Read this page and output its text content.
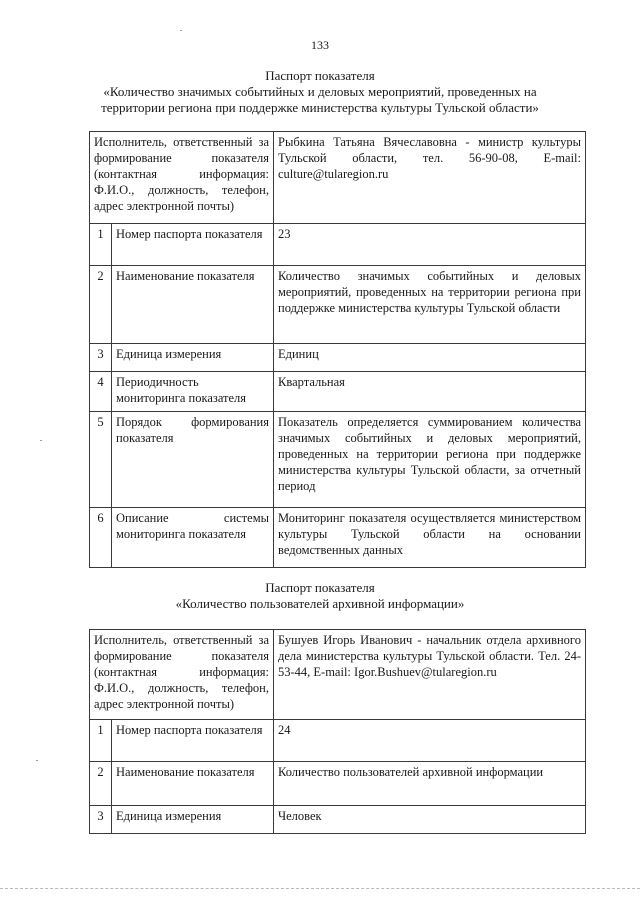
133
Паспорт показателя
«Количество значимых событийных и деловых мероприятий, проведенных на
территории региона при поддержке министерства культуры Тульской области»
Исполнитель, ответственный за формирование показателя (контактная информация: Ф.И.О., должность, телефон, адрес электронной почты)		Рыбкина Татьяна Вячеславовна - министр культуры Тульской области, тел. 56-90-08, E-mail: culture@tularegion.ru
1	Номер паспорта показателя	23
2	Наименование показателя	Количество значимых событийных и деловых мероприятий, проведенных на территории региона при поддержке министерства культуры Тульской области
3	Единица измерения	Единиц
4	Периодичность мониторинга показателя	Квартальная
5	Порядок формирования показателя	Показатель определяется суммированием количества значимых событийных и деловых мероприятий, проведенных на территории региона при поддержке министерства культуры Тульской области, за отчетный период
6	Описание системы мониторинга показателя	Мониторинг показателя осуществляется министерством культуры Тульской области на основании ведомственных данных
Паспорт показателя
«Количество пользователей архивной информации»
Исполнитель, ответственный за формирование показателя (контактная информация: Ф.И.О., должность, телефон, адрес электронной почты)		Бушуев Игорь Иванович - начальник отдела архивного дела министерства культуры Тульской области. Тел. 24-53-44, E-mail: Igor.Bushuev@tularegion.ru
1	Номер паспорта показателя	24
2	Наименование показателя	Количество пользователей архивной информации
3	Единица измерения	Человек
